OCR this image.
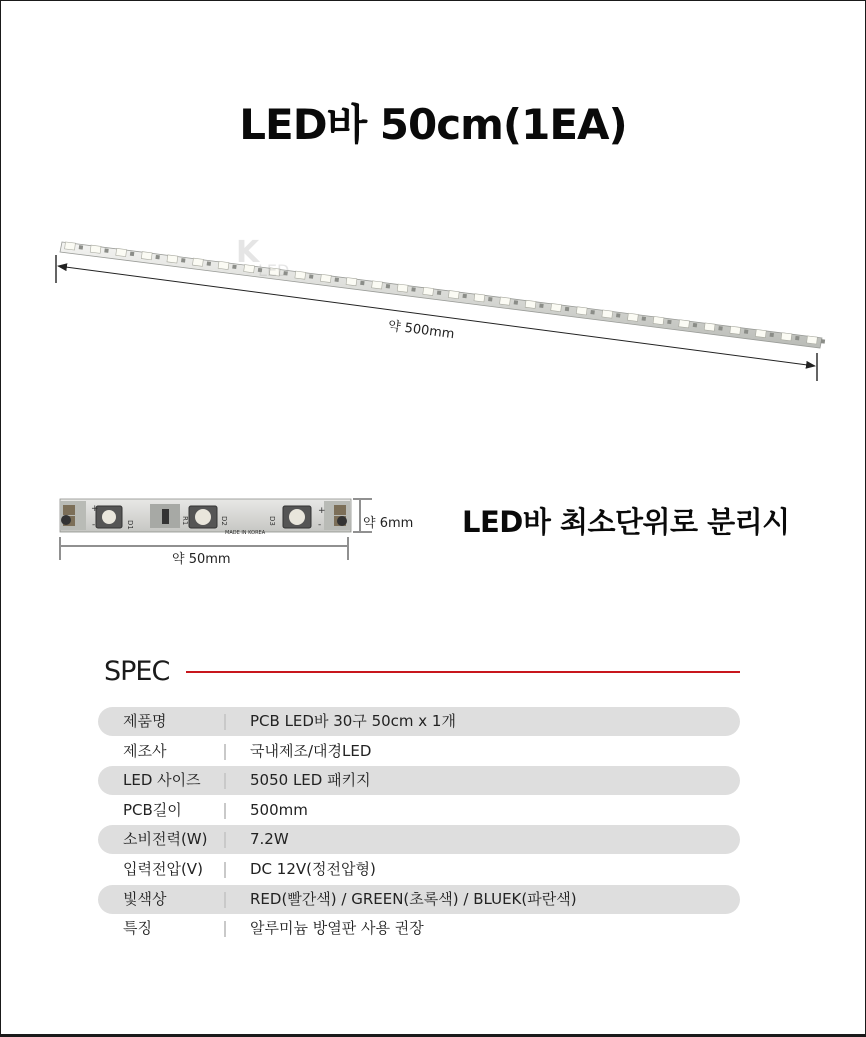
LED바 50cm(1EA)
K
LED
+
-
+
-
D1	R1	D2	D3
MADE IN KOREA
약 500mm
약 50mm
약 6mm LED바 최소단위로 분리시
SPEC
제품명	PCB LED바 30구 50cm x 1개
제조사	국내제조/대경LED
LED 사이즈	5050 LED 패키지
PCB길이	500mm
소비전력(W)	7.2W
입력전압(V)	DC 12V(정전압형)
빛색상	RED(빨간색) / GREEN(초록색) / BLUEK(파란색)
특징	알루미늄 방열판 사용 권장
